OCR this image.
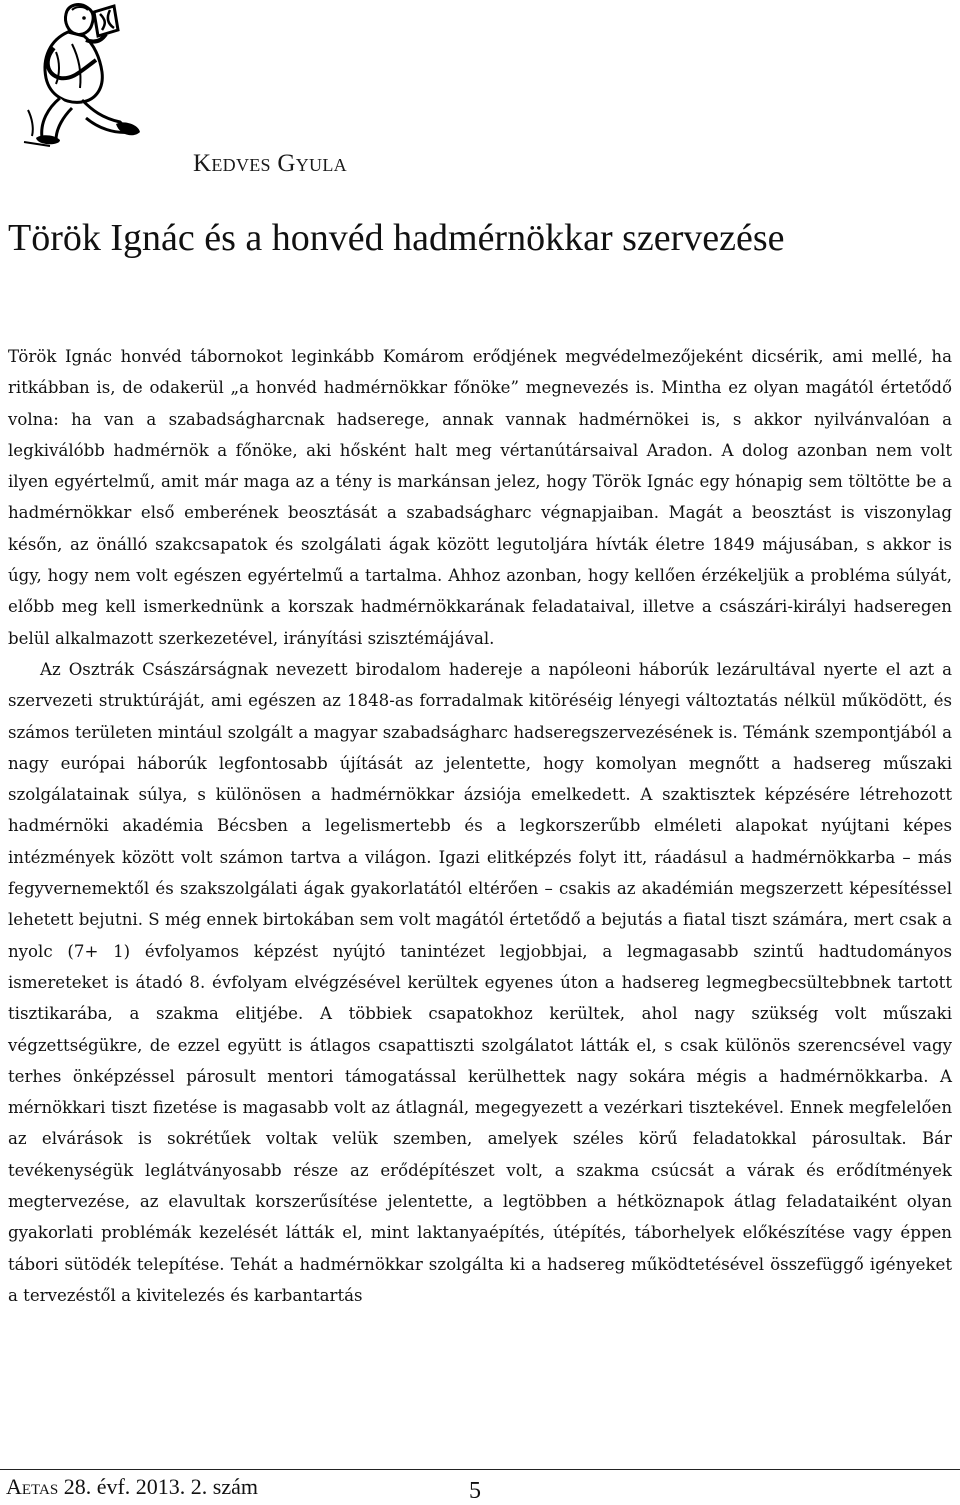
Kedves Gyula
Török Ignác és a honvéd hadmérnökkar szervezése

Török Ignác honvéd tábornokot leginkább Komárom erődjének megvédelmezőjeként dicsérik, ami mellé, ha ritkábban is, de odakerül „a honvéd hadmérnökkar főnöke” megnevezés is. Mintha ez olyan magától értetődő volna: ha van a szabadságharcnak hadserege, annak vannak hadmérnökei is, s akkor nyilvánvalóan a legkiválóbb hadmérnök a főnöke, aki hősként halt meg vértanútársaival Aradon. A dolog azonban nem volt ilyen egyértelmű, amit már maga az a tény is markánsan jelez, hogy Török Ignác egy hónapig sem töltötte be a hadmérnökkar első emberének beosztását a szabadságharc végnapjaiban. Magát a beosztást is viszonylag későn, az önálló szakcsapatok és szolgálati ágak között legutoljára hívták életre 1849 májusában, s akkor is úgy, hogy nem volt egészen egyértelmű a tartalma. Ahhoz azonban, hogy kellően érzékeljük a probléma súlyát, előbb meg kell ismerkednünk a korszak hadmérnökkarának feladataival, illetve a császári-királyi hadseregen belül alkalmazott szerkezetével, irányítási szisztémájával.

Az Osztrák Császárságnak nevezett birodalom hadereje a napóleoni háborúk lezárultával nyerte el azt a szervezeti struktúráját, ami egészen az 1848-as forradalmak kitöréséig lényegi változtatás nélkül működött, és számos területen mintául szolgált a magyar szabadságharc hadseregszervezésének is. Témánk szempontjából a nagy európai háborúk legfontosabb újítását az jelentette, hogy komolyan megnőtt a hadsereg műszaki szolgálatainak súlya, s különösen a hadmérnökkar ázsiója emelkedett. A szaktisztek képzésére létrehozott hadmérnöki akadémia Bécsben a legelismertebb és a legkorszerűbb elméleti alapokat nyújtani képes intézmények között volt számon tartva a világon. Igazi elitképzés folyt itt, ráadásul a hadmérnökkarba – más fegyvernemektől és szakszolgálati ágak gyakorlatától eltérően – csakis az akadémián megszerzett képesítéssel lehetett bejutni. S még ennek birtokában sem volt magától értetődő a bejutás a fiatal tiszt számára, mert csak a nyolc (7+ 1) évfolyamos képzést nyújtó tanintézet legjobbjai, a legmagasabb szintű hadtudományos ismereteket is átadó 8. évfolyam elvégzésével kerültek egyenes úton a hadsereg legmegbecsültebbnek tartott tisztikarába, a szakma elitjébe. A többiek csapatokhoz kerültek, ahol nagy szükség volt műszaki végzettségükre, de ezzel együtt is átlagos csapattiszti szolgálatot látták el, s csak különös szerencsével vagy terhes önképzéssel párosult mentori támogatással kerülhettek nagy sokára mégis a hadmérnökkarba. A mérnökkari tiszt fizetése is magasabb volt az átlagnál, megegyezett a vezérkari tisztekével. Ennek megfelelően az elvárások is sokrétűek voltak velük szemben, amelyek széles körű feladatokkal párosultak. Bár tevékenységük leglátványosabb része az erődépítészet volt, a szakma csúcsát a várak és erődítmények megtervezése, az elavultak korszerűsítése jelentette, a legtöbben a hétköznapok átlag feladataiként olyan gyakorlati problémák kezelését látták el, mint laktanyaépítés, útépítés, táborhelyek előkészítése vagy éppen tábori sütödék telepítése. Tehát a hadmérnökkar szolgálta ki a hadsereg működtetésével összefüggő igényeket a tervezéstől a kivitelezés és karbantartás

Aetas 28. évf. 2013. 2. szám	5
